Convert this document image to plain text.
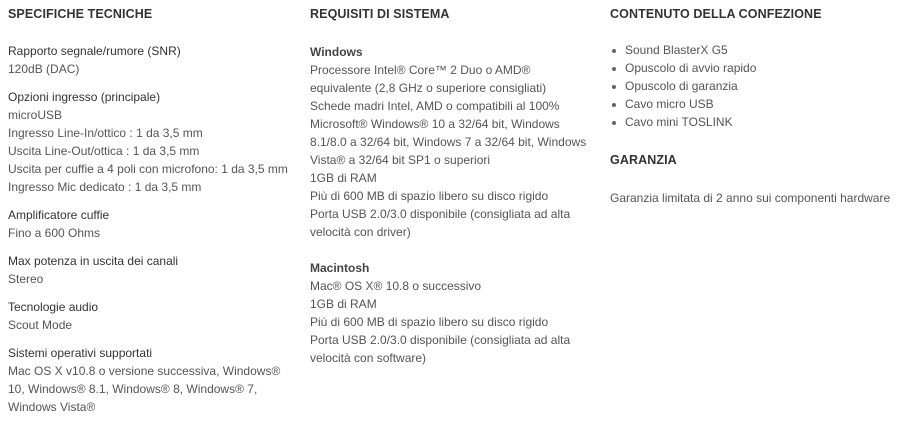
SPECIFICHE TECNICHE
Rapporto segnale/rumore (SNR)
120dB (DAC)
Opzioni ingresso (principale)
microUSB
Ingresso Line-In/ottico : 1 da 3,5 mm
Uscita Line-Out/ottica : 1 da 3,5 mm
Uscita per cuffie a 4 poli con microfono: 1 da 3,5 mm
Ingresso Mic dedicato : 1 da 3,5 mm
Amplificatore cuffie
Fino a 600 Ohms
Max potenza in uscita dei canali
Stereo
Tecnologie audio
Scout Mode
Sistemi operativi supportati
Mac OS X v10.8 o versione successiva, Windows® 10, Windows® 8.1, Windows® 8, Windows® 7, Windows Vista®
REQUISITI DI SISTEMA
Windows
Processore Intel® Core™ 2 Duo o AMD® equivalente (2,8 GHz o superiore consigliati)
Schede madri Intel, AMD o compatibili al 100%
Microsoft® Windows® 10 a 32/64 bit, Windows 8.1/8.0 a 32/64 bit, Windows 7 a 32/64 bit, Windows Vista® a 32/64 bit SP1 o superiori
1GB di RAM
Più di 600 MB di spazio libero su disco rigido
Porta USB 2.0/3.0 disponibile (consigliata ad alta velocità con driver)
Macintosh
Mac® OS X® 10.8 o successivo
1GB di RAM
Più di 600 MB di spazio libero su disco rigido
Porta USB 2.0/3.0 disponibile (consigliata ad alta velocità con software)
CONTENUTO DELLA CONFEZIONE
Sound BlasterX G5
Opuscolo di avvio rapido
Opuscolo di garanzia
Cavo micro USB
Cavo mini TOSLINK
GARANZIA
Garanzia limitata di 2 anno sui componenti hardware
